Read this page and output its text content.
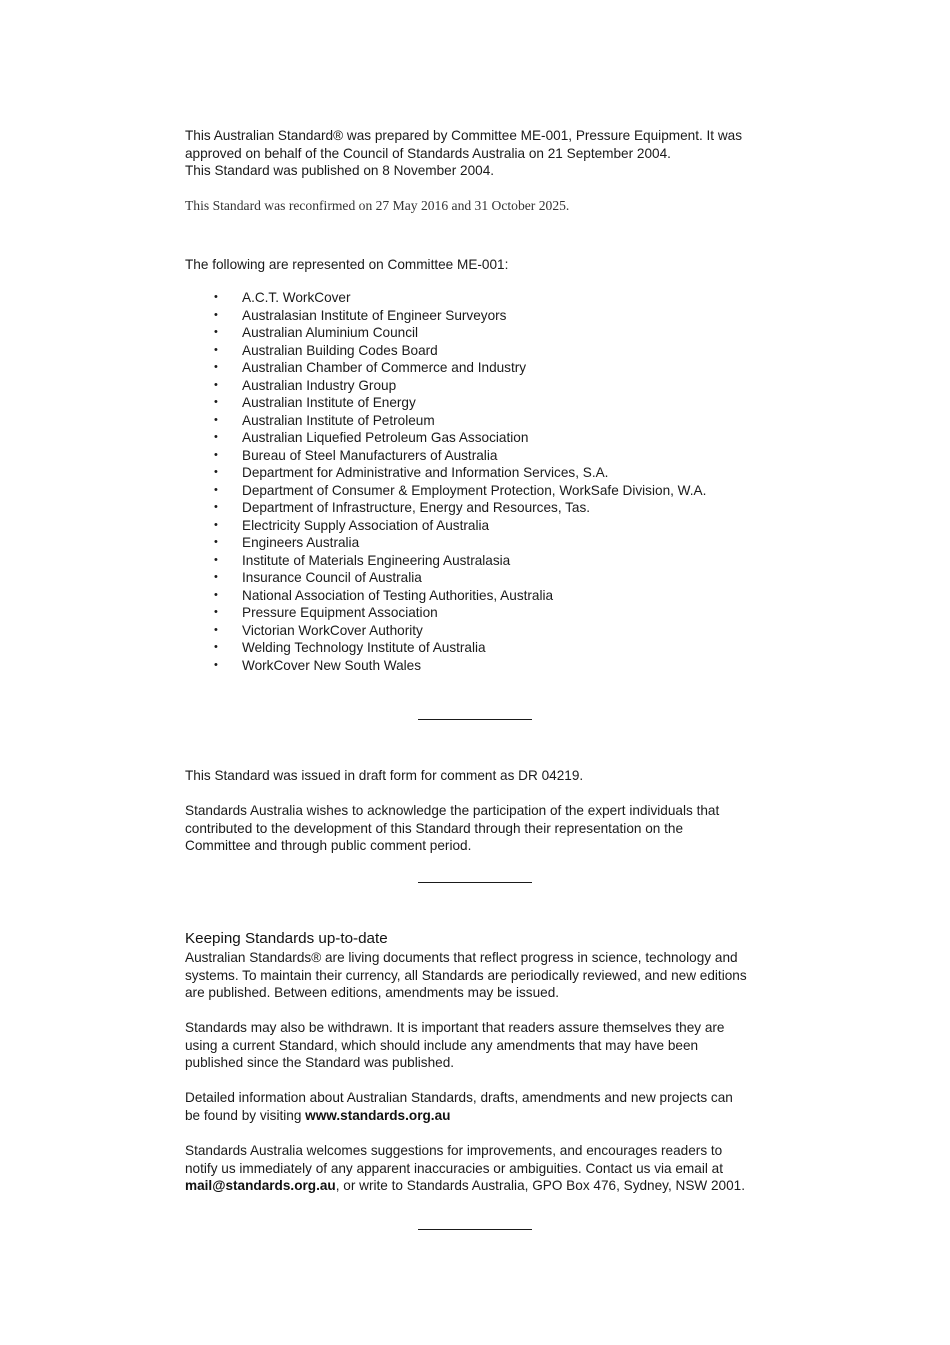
This Australian Standard® was prepared by Committee ME-001, Pressure Equipment. It was
approved on behalf of the Council of Standards Australia on 21 September 2004.
This Standard was published on 8 November 2004.

This Standard was reconfirmed on 27 May 2016 and 31 October 2025.

The following are represented on Committee ME-001:

• A.C.T. WorkCover
• Australasian Institute of Engineer Surveyors
• Australian Aluminium Council
• Australian Building Codes Board
• Australian Chamber of Commerce and Industry
• Australian Industry Group
• Australian Institute of Energy
• Australian Institute of Petroleum
• Australian Liquefied Petroleum Gas Association
• Bureau of Steel Manufacturers of Australia
• Department for Administrative and Information Services, S.A.
• Department of Consumer & Employment Protection, WorkSafe Division, W.A.
• Department of Infrastructure, Energy and Resources, Tas.
• Electricity Supply Association of Australia
• Engineers Australia
• Institute of Materials Engineering Australasia
• Insurance Council of Australia
• National Association of Testing Authorities, Australia
• Pressure Equipment Association
• Victorian WorkCover Authority
• Welding Technology Institute of Australia
• WorkCover New South Wales

This Standard was issued in draft form for comment as DR 04219.

Standards Australia wishes to acknowledge the participation of the expert individuals that
contributed to the development of this Standard through their representation on the
Committee and through public comment period.

Keeping Standards up-to-date

Australian Standards® are living documents that reflect progress in science, technology and
systems. To maintain their currency, all Standards are periodically reviewed, and new editions
are published. Between editions, amendments may be issued.

Standards may also be withdrawn. It is important that readers assure themselves they are
using a current Standard, which should include any amendments that may have been
published since the Standard was published.

Detailed information about Australian Standards, drafts, amendments and new projects can
be found by visiting www.standards.org.au

Standards Australia welcomes suggestions for improvements, and encourages readers to
notify us immediately of any apparent inaccuracies or ambiguities. Contact us via email at
mail@standards.org.au, or write to Standards Australia, GPO Box 476, Sydney, NSW 2001.
